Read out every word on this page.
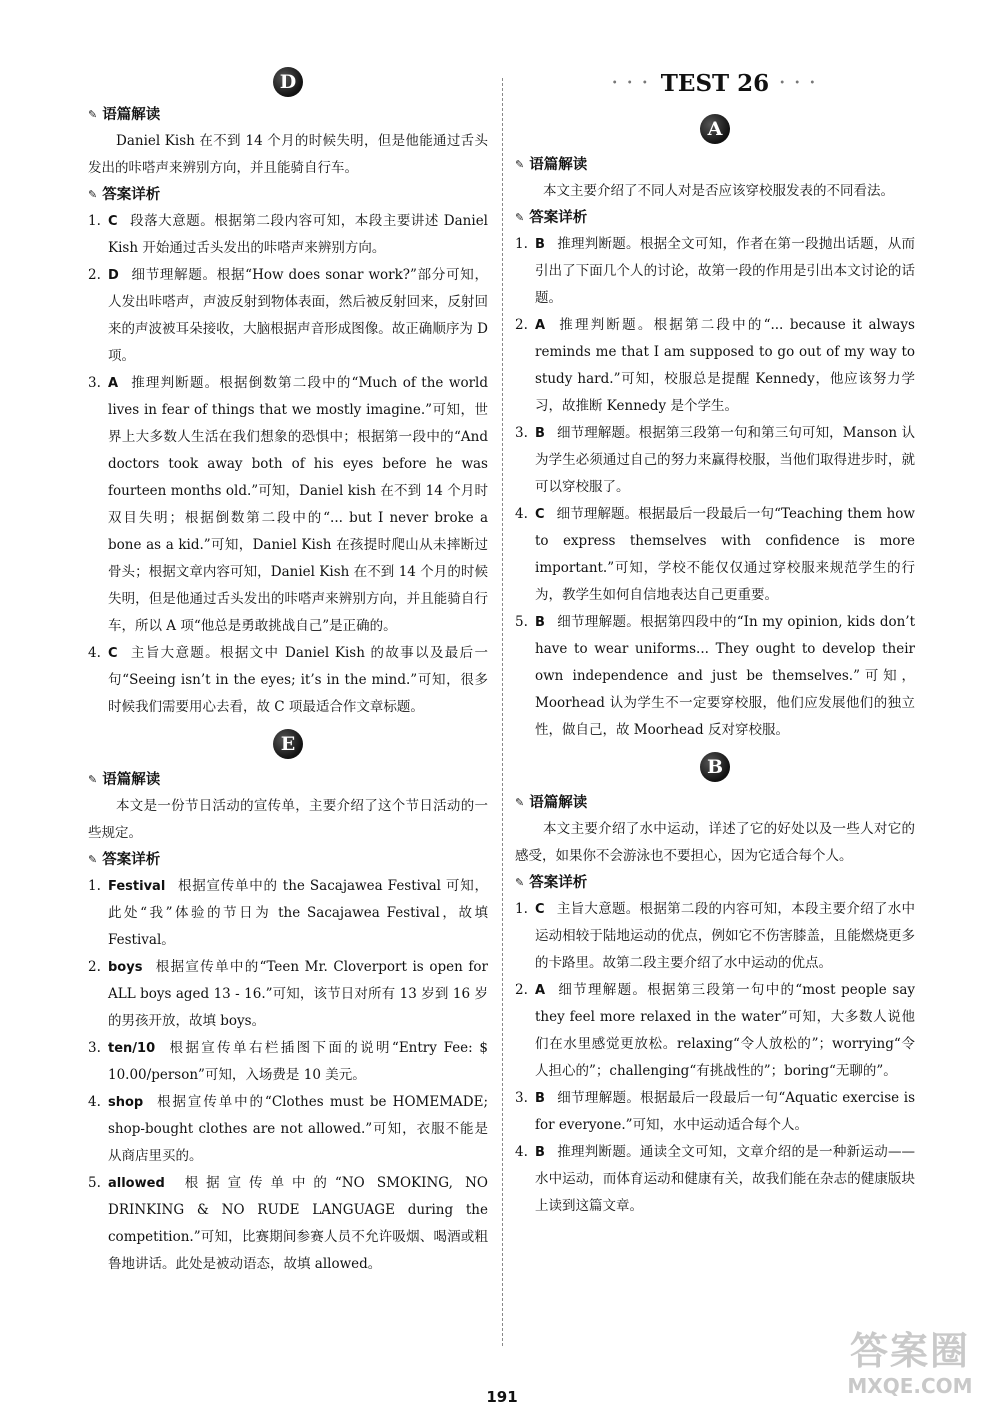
D
✎ 语篇解读
Daniel Kish 在不到 14 个月的时候失明，但是他能通过舌头发出的咔嗒声来辨别方向，并且能骑自行车。
✎ 答案详析
1. C 段落大意题。根据第二段内容可知，本段主要讲述 Daniel Kish 开始通过舌头发出的咔嗒声来辨别方向。
2. D 细节理解题。根据“How does sonar work?”部分可知，人发出咔嗒声，声波反射到物体表面，然后被反射回来，反射回来的声波被耳朵接收，大脑根据声音形成图像。故正确顺序为 D 项。
3. A 推理判断题。根据倒数第二段中的“Much of the world lives in fear of things that we mostly imagine.”可知，世界上大多数人生活在我们想象的恐惧中；根据第一段中的“And doctors took away both of his eyes before he was fourteen months old.”可知，Daniel kish 在不到 14 个月时双目失明；根据倒数第二段中的“... but I never broke a bone as a kid.”可知，Daniel Kish 在孩提时爬山从未摔断过骨头；根据文章内容可知，Daniel Kish 在不到 14 个月的时候失明，但是他通过舌头发出的咔嗒声来辨别方向，并且能骑自行车，所以 A 项“他总是勇敢挑战自己”是正确的。
4. C 主旨大意题。根据文中 Daniel Kish 的故事以及最后一句“Seeing isn’t in the eyes; it’s in the mind.”可知，很多时候我们需要用心去看，故 C 项最适合作文章标题。
E
✎ 语篇解读
本文是一份节日活动的宣传单，主要介绍了这个节日活动的一些规定。
✎ 答案详析
1. Festival 根据宣传单中的 the Sacajawea Festival 可知，此处“我”体验的节日为 the Sacajawea Festival，故填 Festival。
2. boys 根据宣传单中的“Teen Mr. Cloverport is open for ALL boys aged 13 - 16.”可知，该节日对所有 13 岁到 16 岁的男孩开放，故填 boys。
3. ten/10 根据宣传单右栏插图下面的说明“Entry Fee: $ 10.00/person”可知，入场费是 10 美元。
4. shop 根据宣传单中的“Clothes must be HOMEMADE; shop-bought clothes are not allowed.”可知，衣服不能是从商店里买的。
5. allowed 根据宣传单中的“NO SMOKING, NO DRINKING & NO RUDE LANGUAGE during the competition.”可知，比赛期间参赛人员不允许吸烟、喝酒或粗鲁地讲话。此处是被动语态，故填 allowed。
• • • TEST 26 • • •
A
✎ 语篇解读
本文主要介绍了不同人对是否应该穿校服发表的不同看法。
✎ 答案详析
1. B 推理判断题。根据全文可知，作者在第一段抛出话题，从而引出了下面几个人的讨论，故第一段的作用是引出本文讨论的话题。
2. A 推理判断题。根据第二段中的“... because it always reminds me that I am supposed to go out of my way to study hard.”可知，校服总是提醒 Kennedy，他应该努力学习，故推断 Kennedy 是个学生。
3. B 细节理解题。根据第三段第一句和第三句可知，Manson 认为学生必须通过自己的努力来赢得校服，当他们取得进步时，就可以穿校服了。
4. C 细节理解题。根据最后一段最后一句“Teaching them how to express themselves with confidence is more important.”可知，学校不能仅仅通过穿校服来规范学生的行为，教学生如何自信地表达自己更重要。
5. B 细节理解题。根据第四段中的“In my opinion, kids don’t have to wear uniforms... They ought to develop their own independence and just be themselves.”可知，Moorhead 认为学生不一定要穿校服，他们应发展他们的独立性，做自己，故 Moorhead 反对穿校服。
B
✎ 语篇解读
本文主要介绍了水中运动，详述了它的好处以及一些人对它的感受，如果你不会游泳也不要担心，因为它适合每个人。
✎ 答案详析
1. C 主旨大意题。根据第二段的内容可知，本段主要介绍了水中运动相较于陆地运动的优点，例如它不伤害膝盖，且能燃烧更多的卡路里。故第二段主要介绍了水中运动的优点。
2. A 细节理解题。根据第三段第一句中的“most people say they feel more relaxed in the water”可知，大多数人说他们在水里感觉更放松。relaxing“令人放松的”；worrying“令人担心的”；challenging“有挑战性的”；boring“无聊的”。
3. B 细节理解题。根据最后一段最后一句“Aquatic exercise is for everyone.”可知，水中运动适合每个人。
4. B 推理判断题。通读全文可知，文章介绍的是一种新运动——水中运动，而体育运动和健康有关，故我们能在杂志的健康版块上读到这篇文章。
191
答案圈
MXQE.COM
